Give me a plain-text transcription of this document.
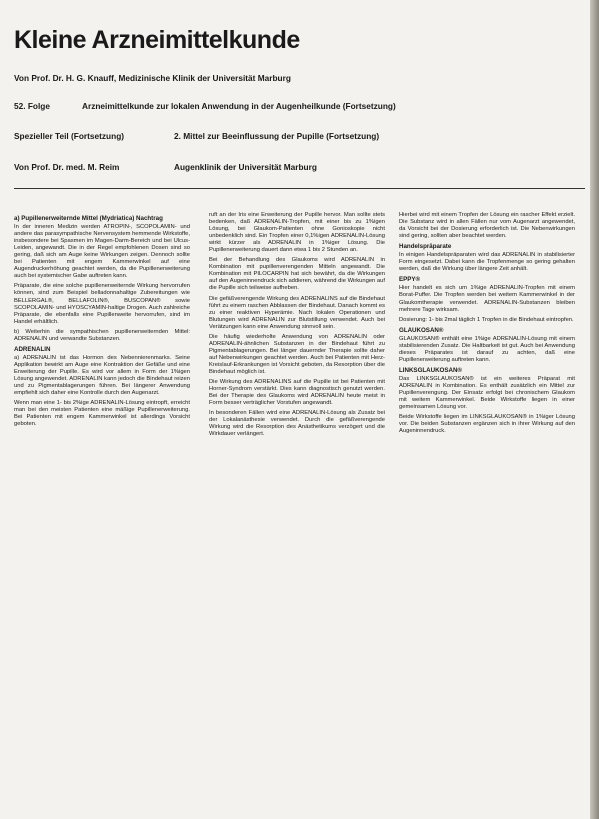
Kleine Arzneimittelkunde
Von Prof. Dr. H. G. Knauff, Medizinische Klinik der Universität Marburg
52. Folge	Arzneimittelkunde zur lokalen Anwendung in der Augenheilkunde (Fortsetzung)
Spezieller Teil (Fortsetzung)	2. Mittel zur Beeinflussung der Pupille (Fortsetzung)
Von Prof. Dr. med. M. Reim	Augenklinik der Universität Marburg
a) Pupillenerweiternde Mittel (Mydriatica) Nachtrag

In der inneren Medizin werden ATROPIN-, SCOPOLAMIN- und andere das parasympathische Nervensystem hemmende Wirkstoffe, insbesondere bei Spasmen im Magen-Darm-Bereich und bei Ulcus-Leiden, angewandt. Die in der Regel empfohlenen Dosen sind so gering, daß sich am Auge keine Wirkungen zeigen. Dennoch sollte bei Patienten mit engem Kammerwinkel auf eine Augendruckerhöhung geachtet werden, da die Pupillenerweiterung auch bei systemischer Gabe auftreten kann.

Präparate, die eine solche pupillenerweiternde Wirkung hervorrufen können, sind zum Beispiel belladonnahaltige Zubereitungen wie BELLERGAL®, BELLAFOLIN®, BUSCOPAN® sowie SCOPOLAMIN- und HYOSCYAMIN-haltige Drogen. Auch zahlreiche Präparate, die ebenfalls eine Pupillenweite hervorrufen, sind im Handel erhältlich.

b) Weiterhin die sympathischen pupillenerweiternden Mittel: ADRENALIN und verwandte Substanzen.

ADRENALIN

a) ADRENALIN ist das Hormon des Nebennierenmarks. Seine Applikation bewirkt am Auge eine Kontraktion der Gefäße und eine Erweiterung der Pupille. Es wird vor allem in Form der 1%igen Lösung angewendet. ADRENALIN kann jedoch die Bindehaut reizen und zu Pigmentablagerungen führen. Bei längerer Anwendung empfiehlt sich daher eine Kontrolle durch den Augenarzt.

Wenn man eine 1- bis 2%ige ADRENALIN-Lösung eintropft, erreicht man bei den meisten Patienten eine mäßige Pupillenerweiterung. Bei Patienten mit engem Kammerwinkel ist allerdings Vorsicht geboten.

ruft an der Iris eine Erweiterung der Pupille hervor. Man sollte stets bedenken, daß ADRENALIN-Tropfen, mit einer bis zu 1%igen Lösung, bei Glaukom-Patienten ohne Gonioskopie nicht unbedenklich sind. Ein Tropfen einer 0,1%igen ADRENALIN-Lösung wirkt kürzer als ADRENALIN in 1%iger Lösung. Die Pupillenerweiterung dauert dann etwa 1 bis 2 Stunden an.

Bei der Behandlung des Glaukoms wird ADRENALIN in Kombination mit pupillenverengenden Mitteln angewandt. Die Kombination mit PILOCARPIN hat sich bewährt, da die Wirkungen auf den Augeninnendruck sich addieren, während die Wirkungen auf die Pupille sich teilweise aufheben.

Die gefäßverengende Wirkung des ADRENALINS auf die Bindehaut führt zu einem raschen Abblassen der Bindehaut. Danach kommt es zu einer reaktiven Hyperämie. Nach lokalen Operationen und Blutungen wird ADRENALIN zur Blutstillung verwendet. Auch bei Verätzungen kann eine Anwendung sinnvoll sein.

Die häufig wiederholte Anwendung von ADRENALIN oder ADRENALIN-ähnlichen Substanzen in der Bindehaut führt zu Pigmentablagerungen. Bei länger dauernder Therapie sollte daher auf Nebenwirkungen geachtet werden. Auch bei Patienten mit Herz-Kreislauf-Erkrankungen ist Vorsicht geboten, da Resorption über die Bindehaut möglich ist.

Die Wirkung des ADRENALINS auf die Pupille ist bei Patienten mit Horner-Syndrom verstärkt. Dies kann diagnostisch genutzt werden. Bei der Therapie des Glaukoms wird ADRENALIN heute meist in Form besser verträglicher Vorstufen angewandt.

In besonderen Fällen wird eine ADRENALIN-Lösung als Zusatz bei der Lokalanästhesie verwendet. Durch die gefäßverengende Wirkung wird die Resorption des Anästhetikums verzögert und die Wirkdauer verlängert.

Hierbei wird mit einem Tropfen der Lösung ein rascher Effekt erzielt. Die Substanz wird in allen Fällen nur vom Augenarzt angewendet, da Vorsicht bei der Dosierung erforderlich ist. Die Nebenwirkungen sind gering, sollten aber beachtet werden.

Handelspräparate

In einigen Handelspräparaten wird das ADRENALIN in stabilisierter Form eingesetzt. Dabei kann die Tropfenmenge so gering gehalten werden, daß die Wirkung über längere Zeit anhält.

EPPY®

Hier handelt es sich um 1%ige ADRENALIN-Tropfen mit einem Borat-Puffer. Die Tropfen werden bei weitem Kammerwinkel in der Glaukomtherapie verwendet. ADRENALIN-Substanzen bleiben mehrere Tage wirksam.

Dosierung: 1- bis 2mal täglich 1 Tropfen in die Bindehaut eintropfen.

GLAUKOSAN®

GLAUKOSAN® enthält eine 1%ige ADRENALIN-Lösung mit einem stabilisierenden Zusatz. Die Haltbarkeit ist gut. Auch bei Anwendung dieses Präparates ist darauf zu achten, daß eine Pupillenerweiterung auftreten kann.

LINKSGLAUKOSAN®

Das LINKSGLAUKOSAN® ist ein weiteres Präparat mit ADRENALIN in Kombination. Es enthält zusätzlich ein Mittel zur Pupillenverengung. Der Einsatz erfolgt bei chronischem Glaukom mit weitem Kammerwinkel. Beide Wirkstoffe liegen in einer gemeinsamen Lösung vor.

Beide Wirkstoffe liegen im LINKSGLAUKOSAN® in 1%iger Lösung vor. Die beiden Substanzen ergänzen sich in ihrer Wirkung auf den Augeninnendruck.
